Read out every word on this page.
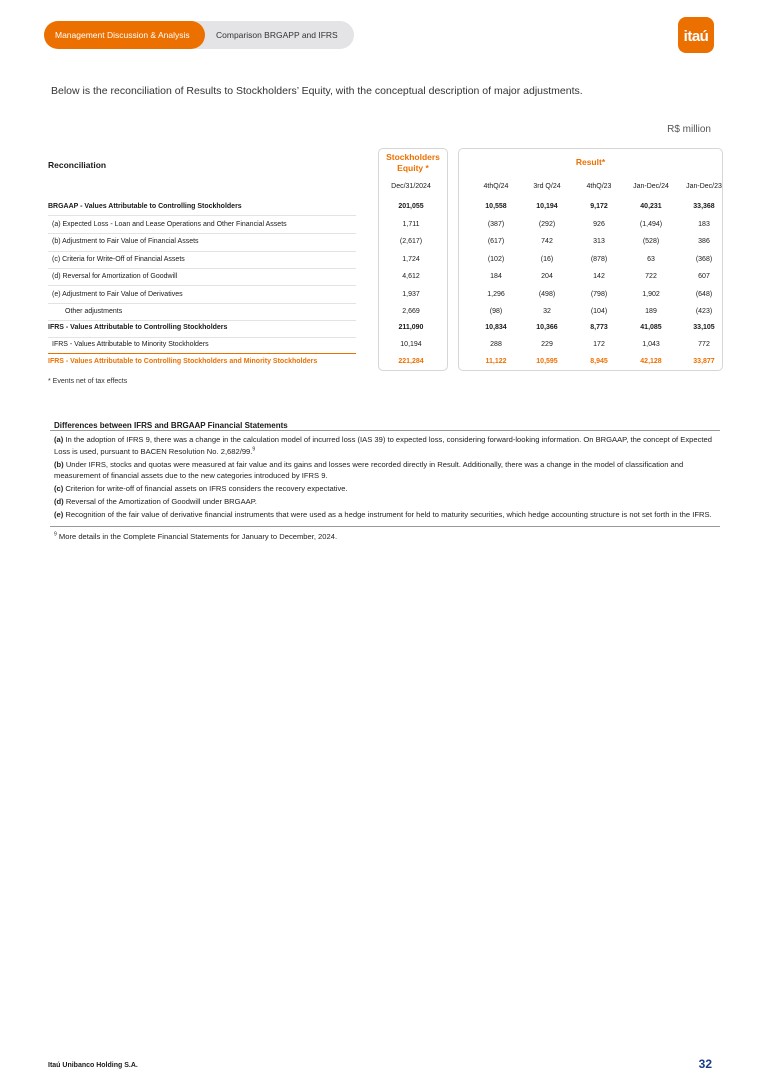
Management Discussion & Analysis	Comparison BRGAPP and IFRS	itaú
Below is the reconciliation of Results to Stockholders’ Equity, with the conceptual description of major adjustments.
R$ million
Stockholders
Equity *
Result*
Reconciliation
Dec/31/2024	4thQ/24	3rd Q/24	4thQ/23	Jan-Dec/24	Jan-Dec/23
BRGAAP - Values Attributable to Controlling Stockholders	201,055	10,558	10,194	9,172	40,231	33,368
(a) Expected Loss - Loan and Lease Operations and Other Financial Assets	1,711	(387)	(292)	926	(1,494)	183
(b) Adjustment to Fair Value of Financial Assets	(2,617)	(617)	742	313	(528)	386
(c) Criteria for Write-Off of Financial Assets	1,724	(102)	(16)	(878)	63	(368)
(d) Reversal for Amortization of Goodwill	4,612	184	204	142	722	607
(e) Adjustment to Fair Value of Derivatives	1,937	1,296	(498)	(798)	1,902	(648)
Other adjustments	2,669	(98)	32	(104)	189	(423)
IFRS - Values Attributable to Controlling Stockholders	211,090	10,834	10,366	8,773	41,085	33,105
IFRS - Values Attributable to Minority Stockholders	10,194	288	229	172	1,043	772
IFRS - Values Attributable to Controlling Stockholders and Minority Stockholders	221,284	11,122	10,595	8,945	42,128	33,877
* Events net of tax effects
Differences between IFRS and BRGAAP Financial Statements

(a) In the adoption of IFRS 9, there was a change in the calculation model of incurred loss (IAS 39) to expected loss, considering forward-looking information. On BRGAAP, the concept of Expected Loss is used, pursuant to BACEN Resolution No. 2,682/99.$^9$

(b) Under IFRS, stocks and quotas were measured at fair value and its gains and losses were recorded directly in Result. Additionally, there was a change in the model of classification and measurement of financial assets due to the new categories introduced by IFRS 9.

(c) Criterion for write-off of financial assets on IFRS considers the recovery expectative.

(d) Reversal of the Amortization of Goodwill under BRGAAP.

(e) Recognition of the fair value of derivative financial instruments that were used as a hedge instrument for held to maturity securities, which hedge accounting structure is not set forth in the IFRS.

$^9$ More details in the Complete Financial Statements for January to December, 2024.
Itaú Unibanco Holding S.A.	32
